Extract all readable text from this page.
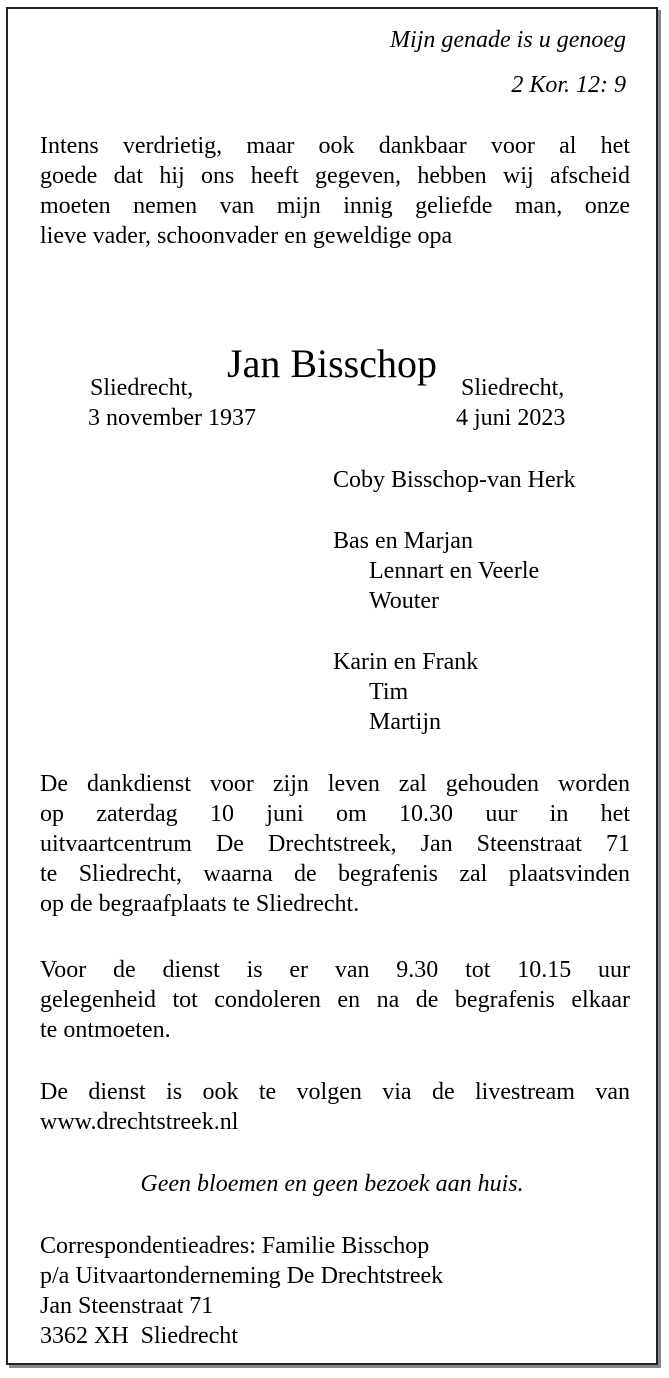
Mijn genade is u genoeg

2 Kor. 12: 9

Intens verdrietig, maar ook dankbaar voor al het
goede dat hij ons heeft gegeven, hebben wij afscheid
moeten nemen van mijn innig geliefde man, onze
lieve vader, schoonvader en geweldige opa

Jan Bisschop

Sliedrecht,

3 november 1937

Sliedrecht,

4 juni 2023

Coby Bisschop-van Herk

Bas en Marjan

Lennart en Veerle

Wouter

Karin en Frank

Tim

Martijn

De dankdienst voor zijn leven zal gehouden worden
op zaterdag 10 juni om 10.30 uur in het
uitvaartcentrum De Drechtstreek, Jan Steenstraat 71
te Sliedrecht, waarna de begrafenis zal plaatsvinden
op de begraafplaats te Sliedrecht.
Voor de dienst is er van 9.30 tot 10.15 uur
gelegenheid tot condoleren en na de begrafenis elkaar
te ontmoeten.
De dienst is ook te volgen via de livestream van
www.drechtstreek.nl

Geen bloemen en geen bezoek aan huis.

Correspondentieadres: Familie Bisschop

p/a Uitvaartonderneming De Drechtstreek

Jan Steenstraat 71

3362 XH  Sliedrecht
